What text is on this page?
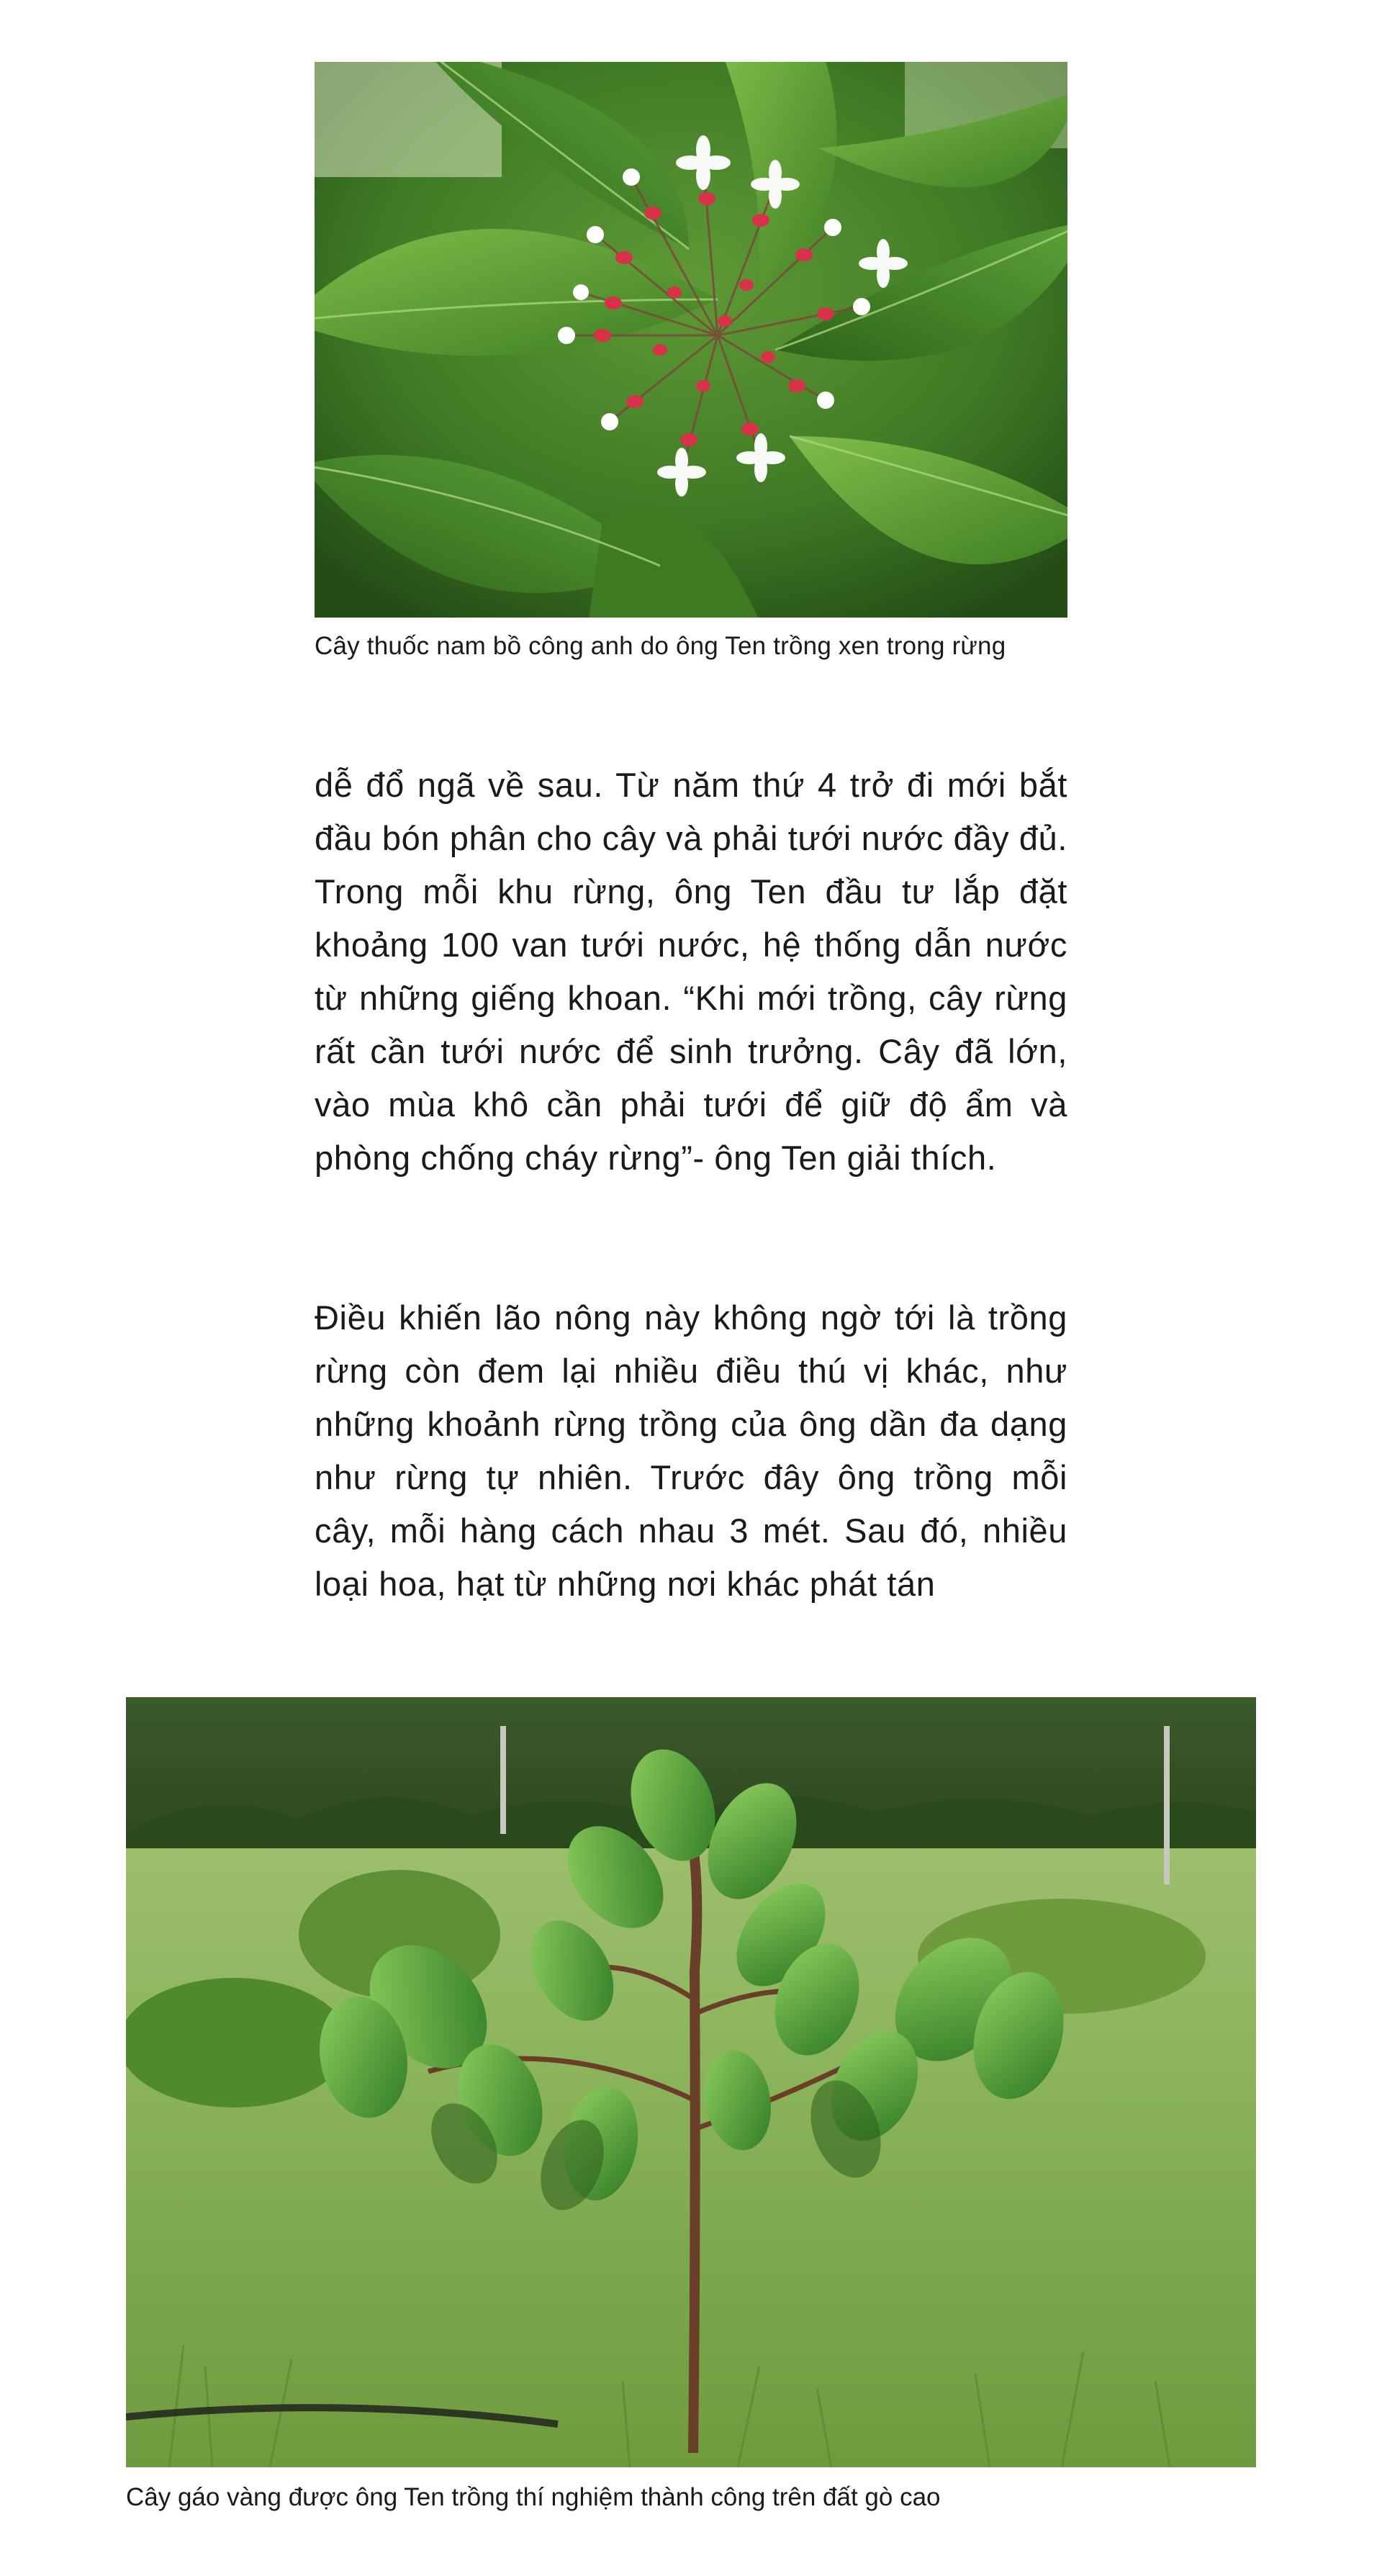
Cây thuốc nam bồ công anh do ông Ten trồng xen trong rừng

dễ đổ ngã về sau. Từ năm thứ 4 trở đi mới bắt đầu bón phân cho cây và phải tưới nước đầy đủ. Trong mỗi khu rừng, ông Ten đầu tư lắp đặt khoảng 100 van tưới nước, hệ thống dẫn nước từ những giếng khoan. “Khi mới trồng, cây rừng rất cần tưới nước để sinh trưởng. Cây đã lớn, vào mùa khô cần phải tưới để giữ độ ẩm và phòng chống cháy rừng”- ông Ten giải thích.

Điều khiến lão nông này không ngờ tới là trồng rừng còn đem lại nhiều điều thú vị khác, như những khoảnh rừng trồng của ông dần đa dạng như rừng tự nhiên. Trước đây ông trồng mỗi cây, mỗi hàng cách nhau 3 mét. Sau đó, nhiều loại hoa, hạt từ những nơi khác phát tán

Cây gáo vàng được ông Ten trồng thí nghiệm thành công trên đất gò cao
